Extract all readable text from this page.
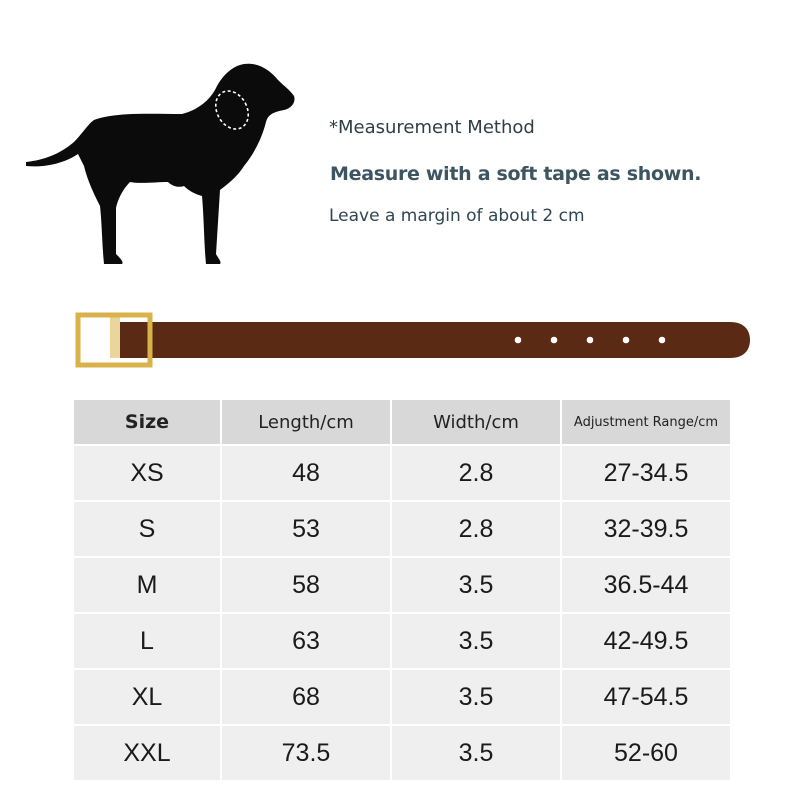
*Measurement Method
Measure with a soft tape as shown.
Leave a margin of about 2 cm
Size	Length/cm	Width/cm	Adjustment Range/cm
XS	48	2.8	27-34.5
S	53	2.8	32-39.5
M	58	3.5	36.5-44
L	63	3.5	42-49.5
XL	68	3.5	47-54.5
XXL	73.5	3.5	52-60
